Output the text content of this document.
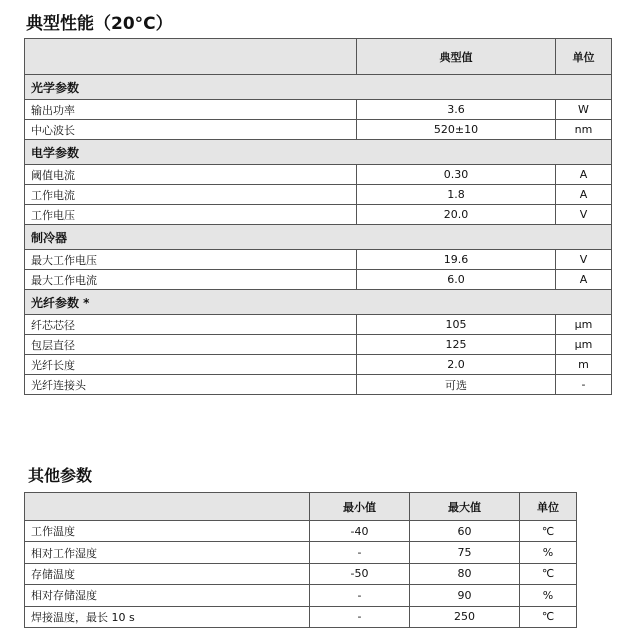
典型性能（20°C）
	典型值	单位
光学参数		
输出功率	3.6	W
中心波长	520±10	nm
电学参数		
阈值电流	0.30	A
工作电流	1.8	A
工作电压	20.0	V
制冷器		
最大工作电压	19.6	V
最大工作电流	6.0	A
光纤参数 *		
纤芯芯径	105	μm
包层直径	125	μm
光纤长度	2.0	m
光纤连接头	可选	-
其他参数
	最小值	最大值	单位
工作温度	-40	60	℃
相对工作湿度	-	75	%
存储温度	-50	80	℃
相对存储湿度	-	90	%
焊接温度，最长 10 s	-	250	℃
